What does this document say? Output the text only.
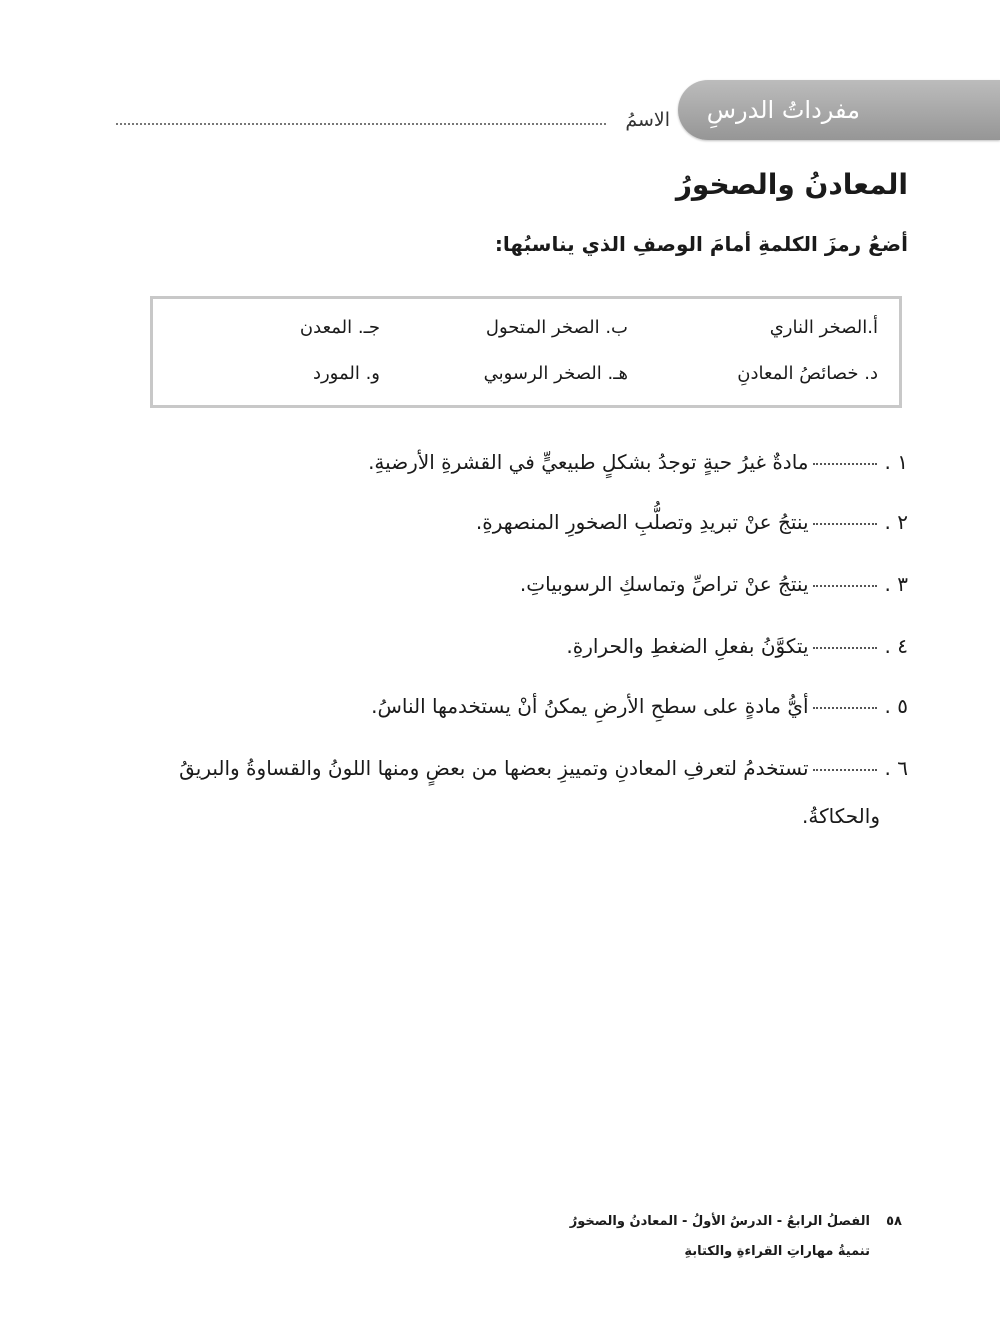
مفرداتُ الدرسِ
الاسمُ
المعادنُ والصخورُ
أضعُ رمزَ الكلمةِ أمامَ الوصفِ الذي يناسبُها:
أ.الصخر الناري
ب. الصخر المتحول
جـ. المعدن
د. خصائصُ المعادنِ
هـ. الصخر الرسوبي
و. المورد
١ .مادةٌ غيرُ حيةٍ توجدُ بشكلٍ طبيعيٍّ في القشرةِ الأرضيةِ.
٢ .ينتجُ عنْ تبريدِ وتصلُّبِ الصخورِ المنصهرةِ.
٣ .ينتجُ عنْ تراصِّ وتماسكِ الرسوبياتِ.
٤ .يتكوَّنُ بفعلِ الضغطِ والحرارةِ.
٥ .أيُّ مادةٍ على سطحِ الأرضِ يمكنُ أنْ يستخدمها الناسُ.
٦ .تستخدمُ لتعرفِ المعادنِ وتمييزِ بعضها من بعضٍ ومنها اللونُ والقساوةُ والبريقُ
والحكاكةُ.
٥٨
الفصلُ الرابعُ - الدرسُ الأولُ - المعادنُ والصخورُ
تنميةُ مهاراتِ القراءةِ والكتابةِ
